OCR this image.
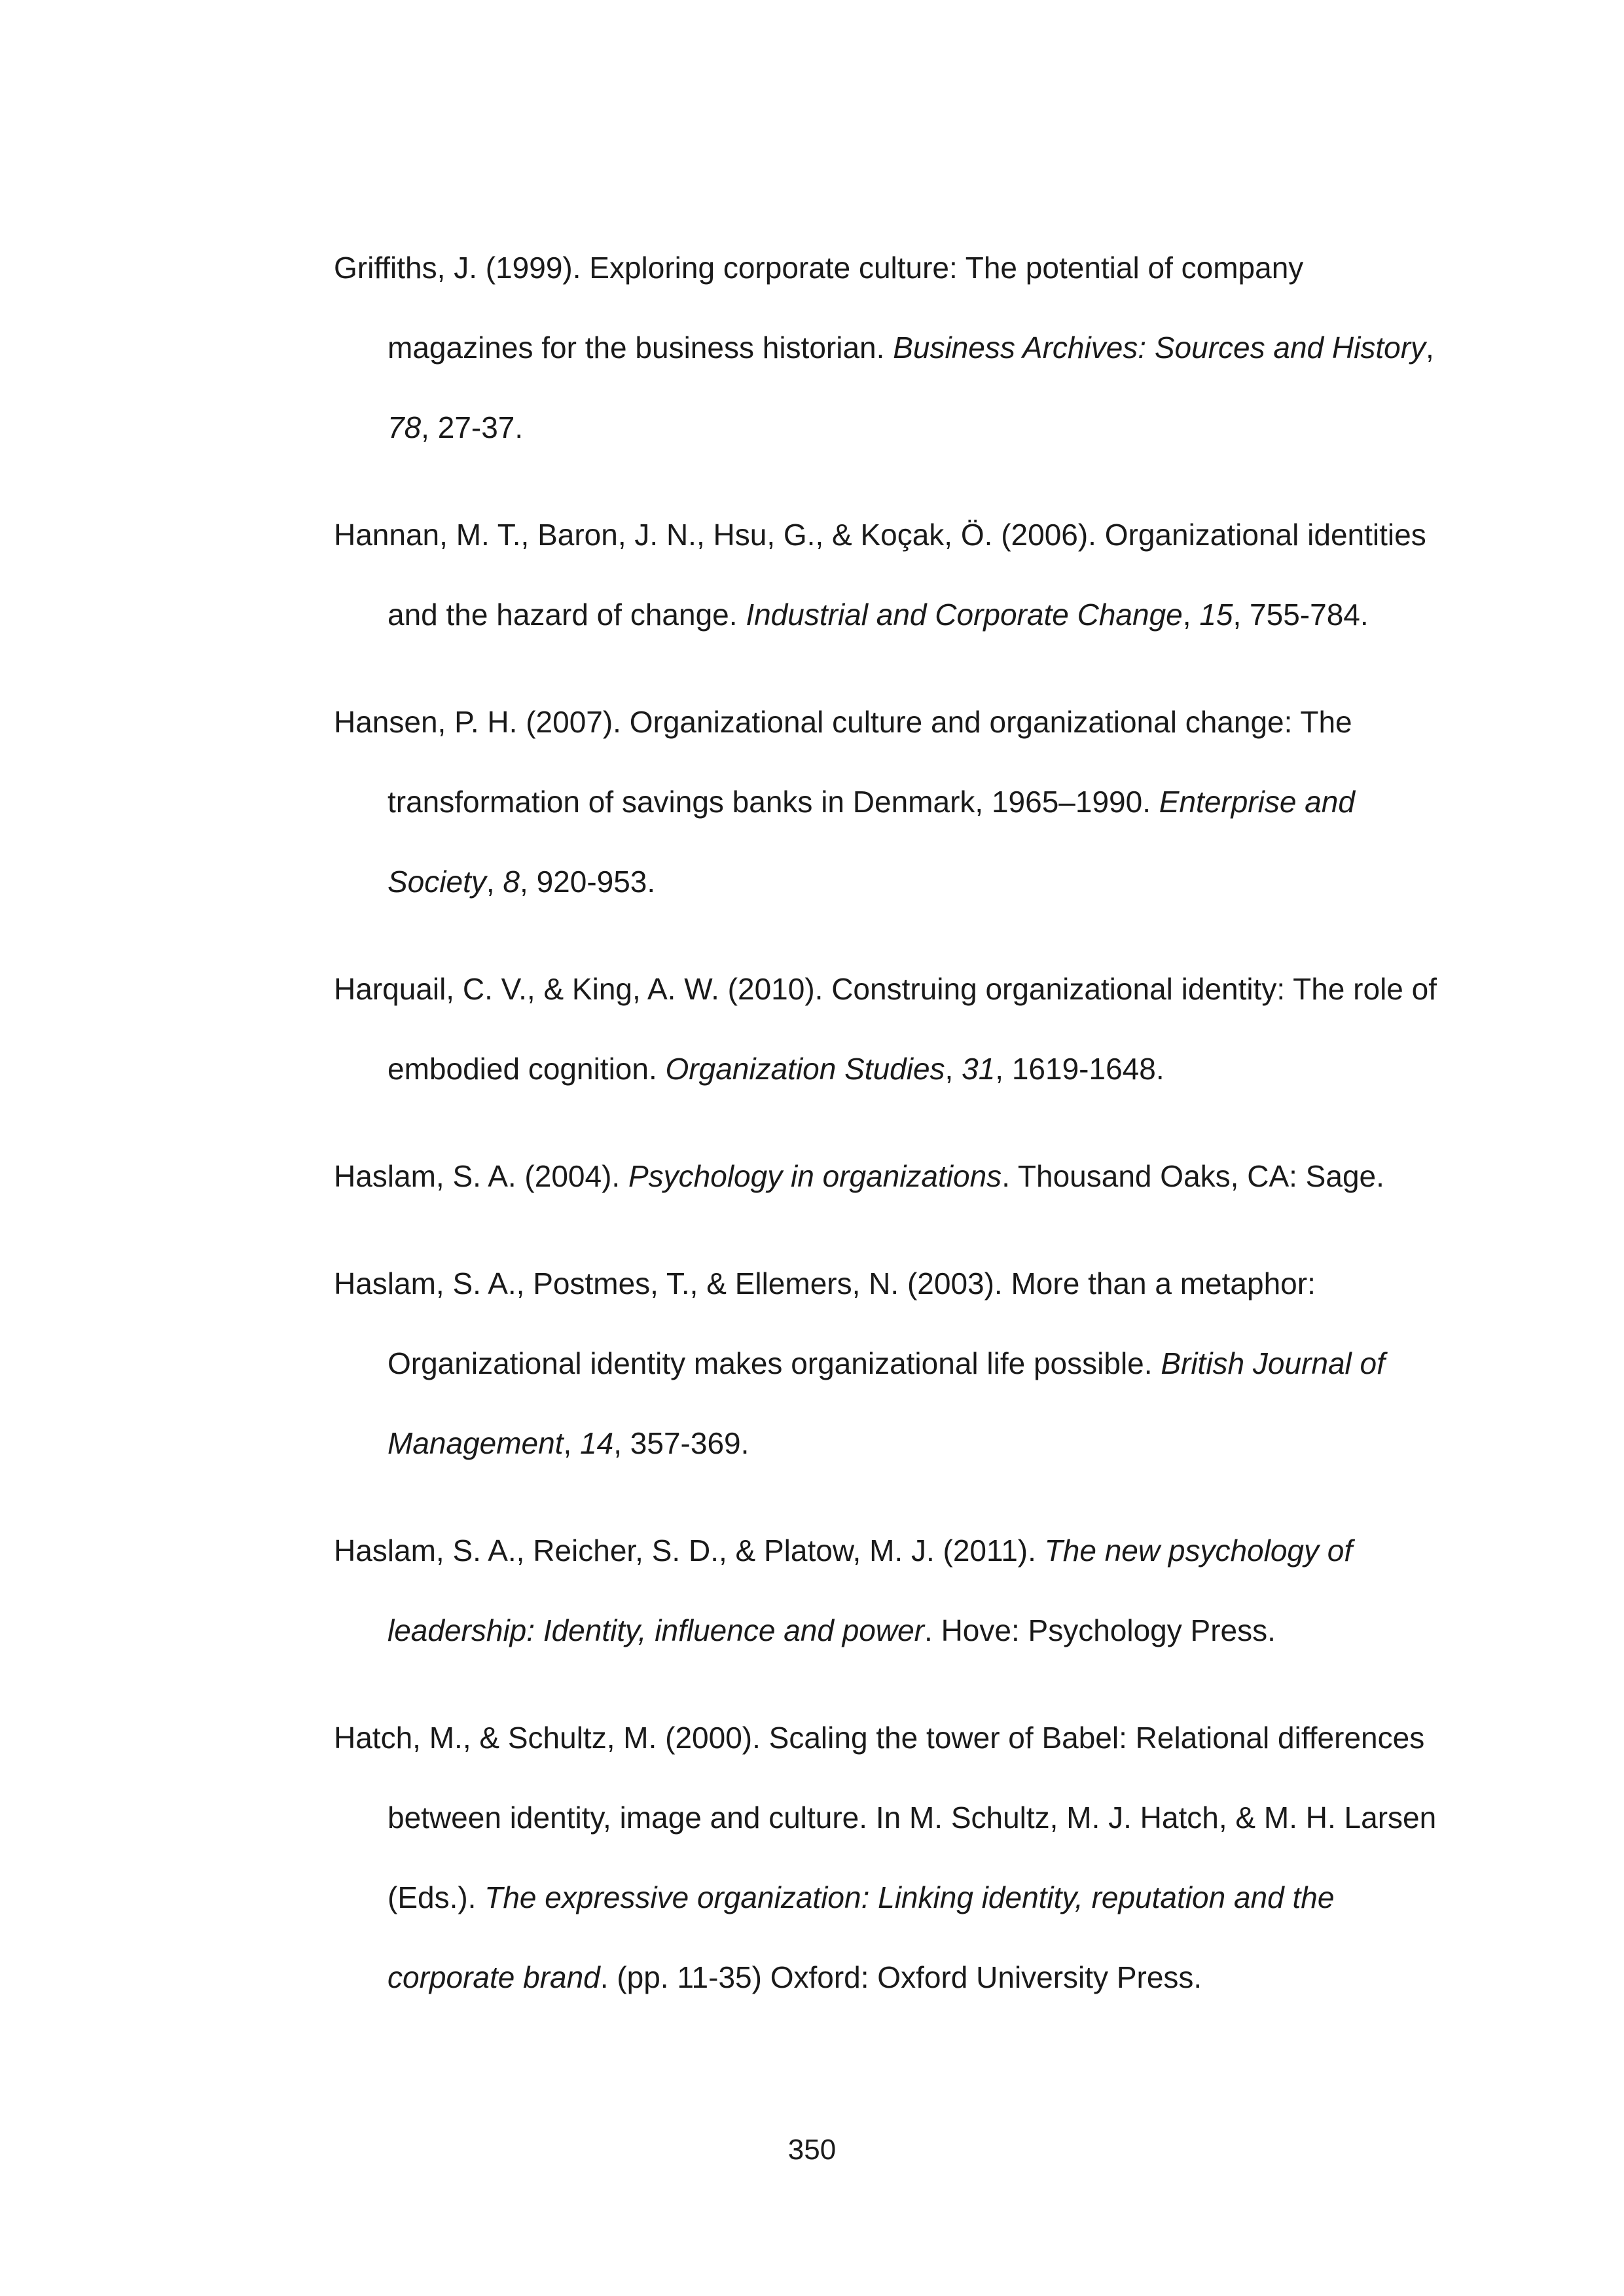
Griffiths, J. (1999). Exploring corporate culture: The potential of company magazines for the business historian. Business Archives: Sources and History, 78, 27-37.

Hannan, M. T., Baron, J. N., Hsu, G., & Koçak, Ö. (2006). Organizational identities and the hazard of change. Industrial and Corporate Change, 15, 755-784.

Hansen, P. H. (2007). Organizational culture and organizational change: The transformation of savings banks in Denmark, 1965–1990. Enterprise and Society, 8, 920-953.

Harquail, C. V., & King, A. W. (2010). Construing organizational identity: The role of embodied cognition. Organization Studies, 31, 1619-1648.

Haslam, S. A. (2004). Psychology in organizations. Thousand Oaks, CA: Sage.

Haslam, S. A., Postmes, T., & Ellemers, N. (2003). More than a metaphor: Organizational identity makes organizational life possible. British Journal of Management, 14, 357-369.

Haslam, S. A., Reicher, S. D., & Platow, M. J. (2011). The new psychology of leadership: Identity, influence and power. Hove: Psychology Press.

Hatch, M., & Schultz, M. (2000). Scaling the tower of Babel: Relational differences between identity, image and culture. In M. Schultz, M. J. Hatch, & M. H. Larsen (Eds.). The expressive organization: Linking identity, reputation and the corporate brand. (pp. 11-35) Oxford: Oxford University Press.

350
